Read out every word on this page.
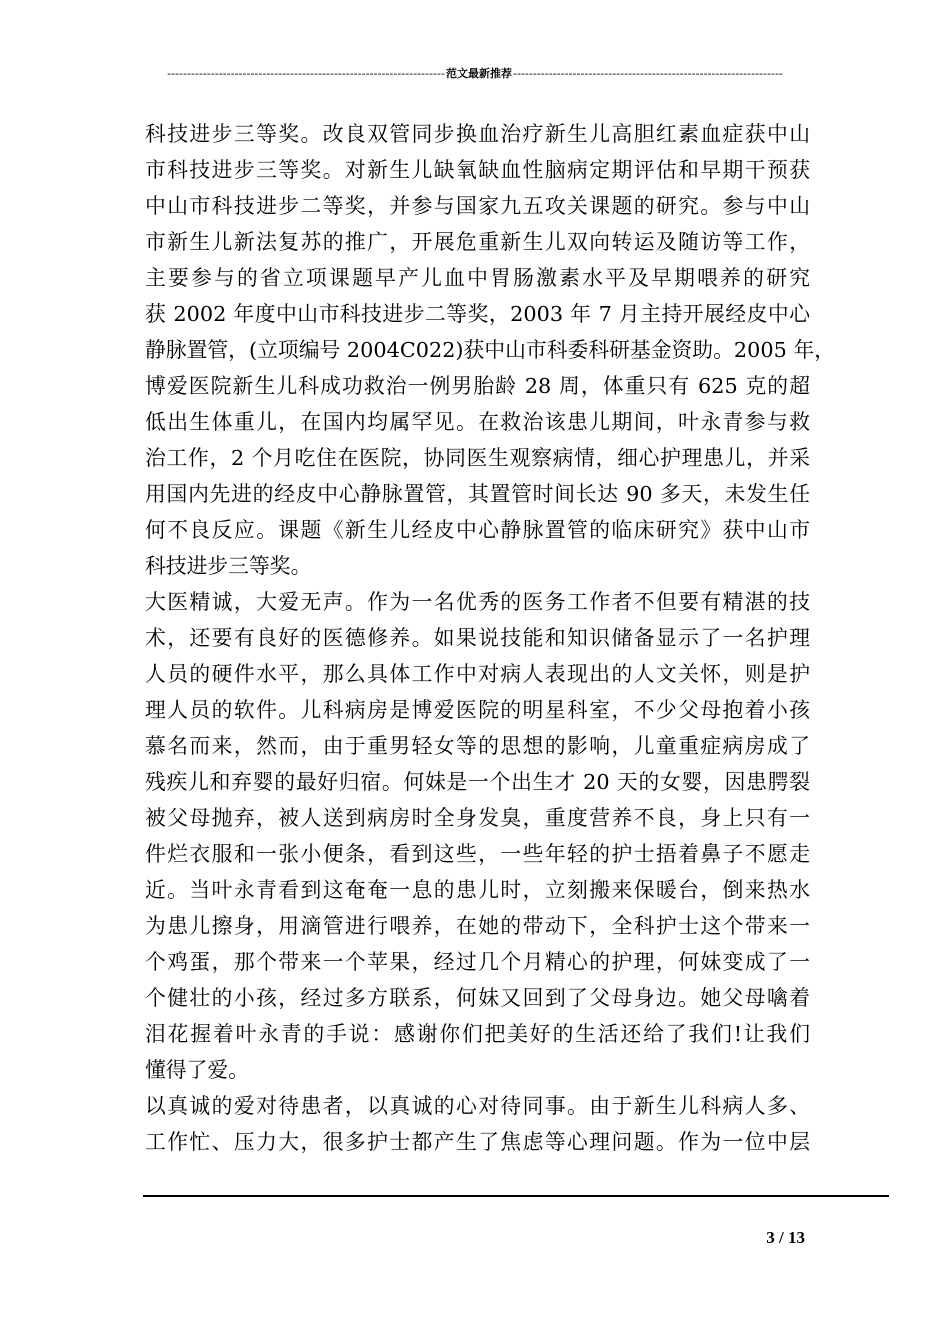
----------------------------------------------------------------------范文最新推荐--------------------------------------------------------------------
科技进步三等奖。改良双管同步换血治疗新生儿高胆红素血症获中山
市科技进步三等奖。对新生儿缺氧缺血性脑病定期评估和早期干预获
中山市科技进步二等奖，并参与国家九五攻关课题的研究。参与中山
市新生儿新法复苏的推广，开展危重新生儿双向转运及随访等工作，
主要参与的省立项课题早产儿血中胃肠激素水平及早期喂养的研究
获 2002 年度中山市科技进步二等奖，2003 年 7 月主持开展经皮中心
静脉置管，(立项编号 2004C022)获中山市科委科研基金资助。2005 年，
博爱医院新生儿科成功救治一例男胎龄 28 周，体重只有 625 克的超
低出生体重儿，在国内均属罕见。在救治该患儿期间，叶永青参与救
治工作，2 个月吃住在医院，协同医生观察病情，细心护理患儿，并采
用国内先进的经皮中心静脉置管，其置管时间长达 90 多天，未发生任
何不良反应。课题《新生儿经皮中心静脉置管的临床研究》获中山市
科技进步三等奖。
大医精诚，大爱无声。作为一名优秀的医务工作者不但要有精湛的技
术，还要有良好的医德修养。如果说技能和知识储备显示了一名护理
人员的硬件水平，那么具体工作中对病人表现出的人文关怀，则是护
理人员的软件。儿科病房是博爱医院的明星科室，不少父母抱着小孩
慕名而来，然而，由于重男轻女等的思想的影响，儿童重症病房成了
残疾儿和弃婴的最好归宿。何妹是一个出生才 20 天的女婴，因患腭裂
被父母抛弃，被人送到病房时全身发臭，重度营养不良，身上只有一
件烂衣服和一张小便条，看到这些，一些年轻的护士捂着鼻子不愿走
近。当叶永青看到这奄奄一息的患儿时，立刻搬来保暖台，倒来热水
为患儿擦身，用滴管进行喂养，在她的带动下，全科护士这个带来一
个鸡蛋，那个带来一个苹果，经过几个月精心的护理，何妹变成了一
个健壮的小孩，经过多方联系，何妹又回到了父母身边。她父母噙着
泪花握着叶永青的手说：感谢你们把美好的生活还给了我们!让我们
懂得了爱。
以真诚的爱对待患者，以真诚的心对待同事。由于新生儿科病人多、
工作忙、压力大，很多护士都产生了焦虑等心理问题。作为一位中层
3 / 13
